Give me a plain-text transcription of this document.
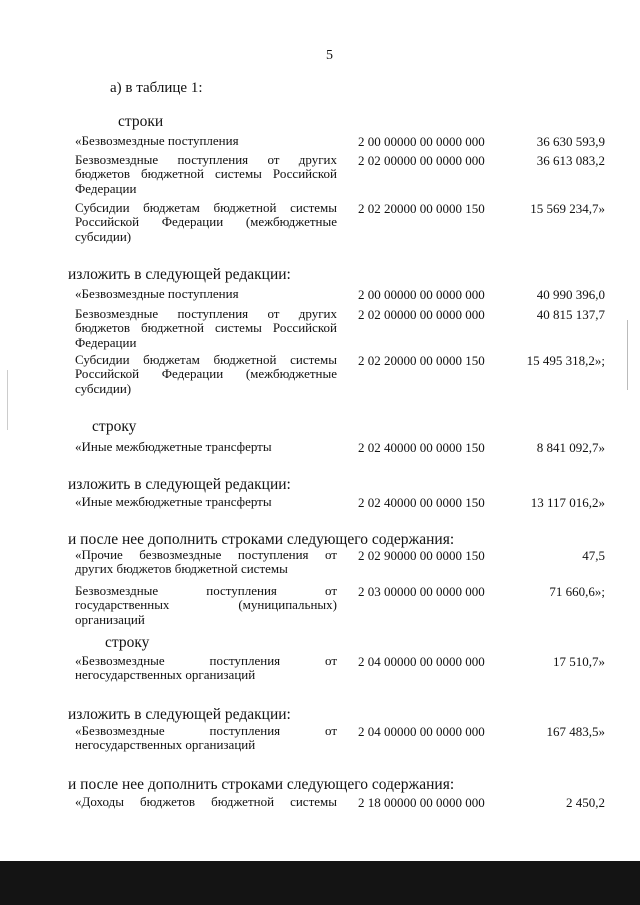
5
а) в таблице 1:
строки
«Безвозмездные поступления	2 00 00000 00 0000 000	36 630 593,9
Безвозмездные поступления от других бюджетов бюджетной системы Российской Федерации
2 02 00000 00 0000 000	36 613 083,2
Субсидии бюджетам бюджетной системы Российской Федерации (межбюджетные субсидии)
2 02 20000 00 0000 150	15 569 234,7»
изложить в следующей редакции:
«Безвозмездные поступления	2 00 00000 00 0000 000	40 990 396,0
Безвозмездные поступления от других бюджетов бюджетной системы Российской Федерации
2 02 00000 00 0000 000	40 815 137,7
Субсидии бюджетам бюджетной системы Российской Федерации (межбюджетные субсидии)
2 02 20000 00 0000 150	15 495 318,2»;
строку
«Иные межбюджетные трансферты	2 02 40000 00 0000 150	8 841 092,7»
изложить в следующей редакции:
«Иные межбюджетные трансферты	2 02 40000 00 0000 150	13 117 016,2»
и после нее дополнить строками следующего содержания:
«Прочие безвозмездные поступления от других бюджетов бюджетной системы
2 02 90000 00 0000 150	47,5
Безвозмездные поступления от государственных (муниципальных) организаций
2 03 00000 00 0000 000	71 660,6»;
строку
«Безвозмездные поступления от негосударственных организаций
2 04 00000 00 0000 000	17 510,7»
изложить в следующей редакции:
«Безвозмездные поступления от негосударственных организаций
2 04 00000 00 0000 000	167 483,5»
и после нее дополнить строками следующего содержания:
«Доходы бюджетов бюджетной системы 2 18 00000 00 0000 000	2 450,2
